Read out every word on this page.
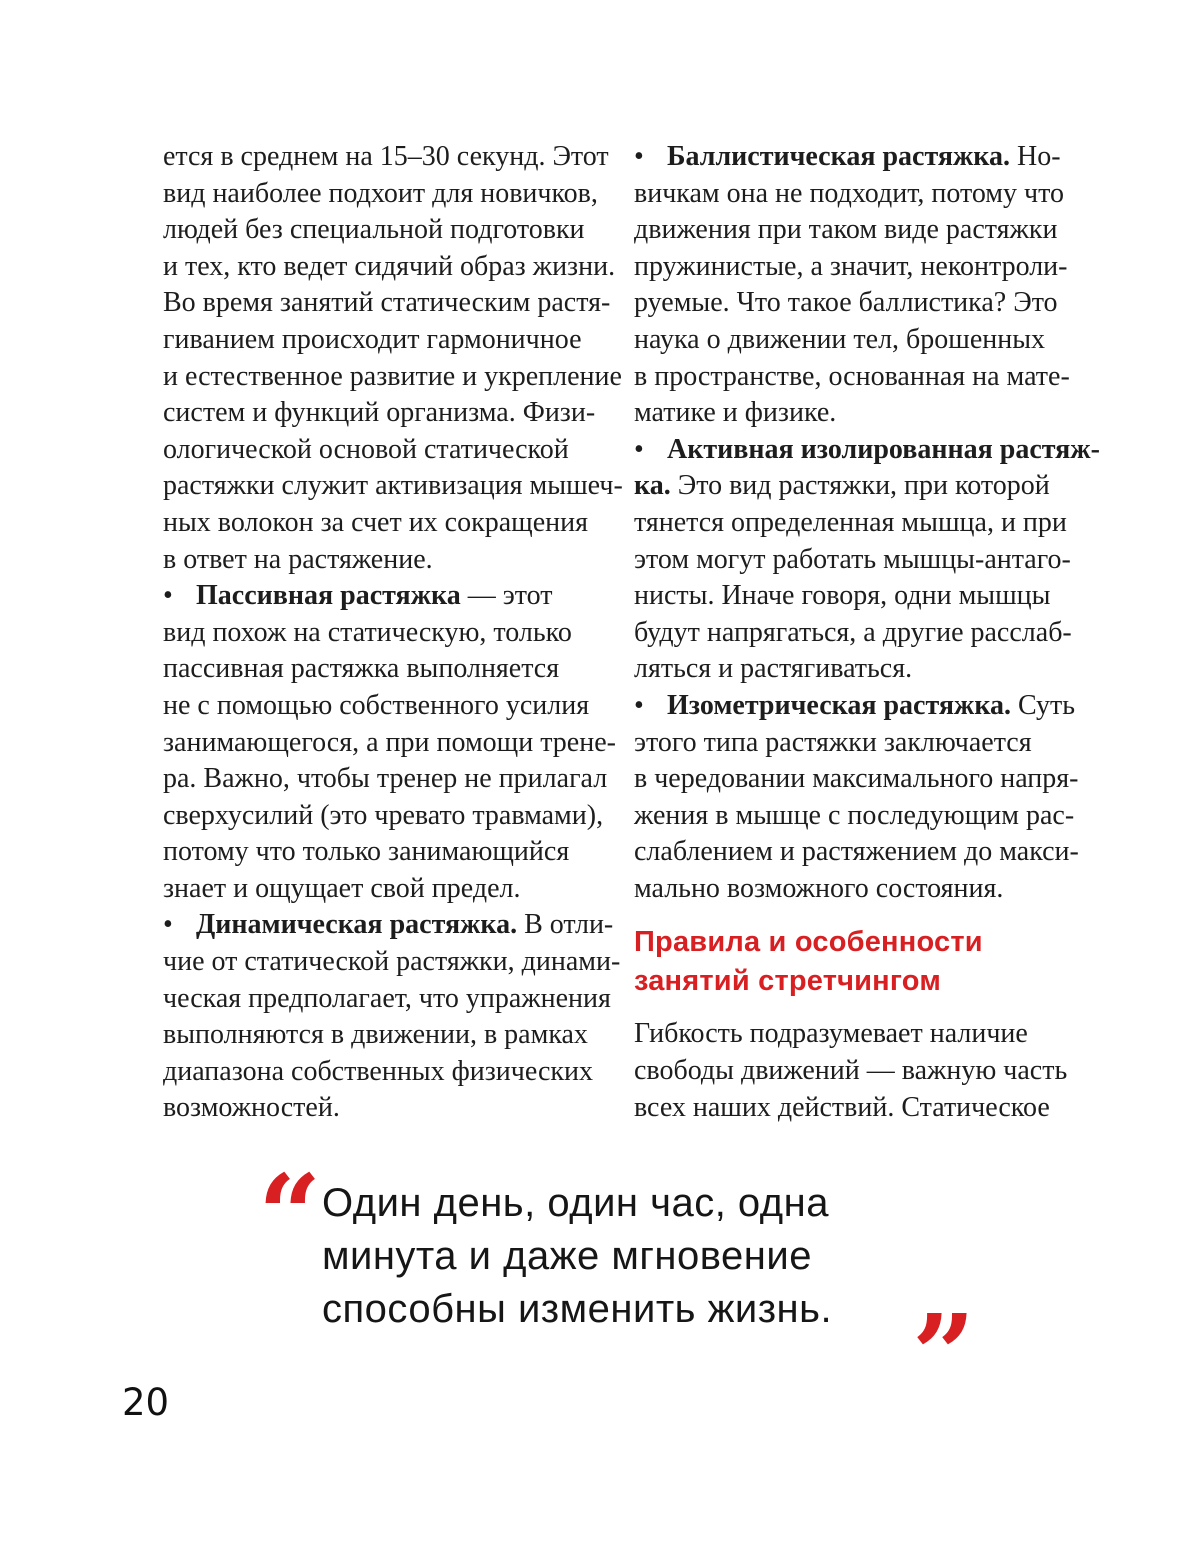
ется в среднем на 15–30 секунд. Этот
вид наиболее подхоит для новичков,
людей без специальной подготовки
и тех, кто ведет сидячий образ жизни.
Во время занятий статическим растя-
гиванием происходит гармоничное
и естественное развитие и укрепление
систем и функций организма. Физи-
ологической основой статической
растяжки служит активизация мышеч-
ных волокон за счет их сокращения
в ответ на растяжение.
• Пассивная растяжка — этот
вид похож на статическую, только
пассивная растяжка выполняется
не с помощью собственного усилия
занимающегося, а при помощи трене-
ра. Важно, чтобы тренер не прилагал
сверхусилий (это чревато травмами),
потому что только занимающийся
знает и ощущает свой предел.
• Динамическая растяжка. В отли-
чие от статической растяжки, динами-
ческая предполагает, что упражнения
выполняются в движении, в рамках
диапазона собственных физических
возможностей.
• Баллистическая растяжка. Но-
вичкам она не подходит, потому что
движения при таком виде растяжки
пружинистые, а значит, неконтроли-
руемые. Что такое баллистика? Это
наука о движении тел, брошенных
в пространстве, основанная на мате-
матике и физике.
• Активная изолированная растяж-
ка. Это вид растяжки, при которой
тянется определенная мышца, и при
этом могут работать мышцы-антаго-
нисты. Иначе говоря, одни мышцы
будут напрягаться, а другие расслаб-
ляться и растягиваться.
• Изометрическая растяжка. Суть
этого типа растяжки заключается
в чередовании максимального напря-
жения в мышце с последующим рас-
слаблением и растяжением до макси-
мально возможного состояния.
Правила и особенности
занятий стретчингом
Гибкость подразумевает наличие
свободы движений — важную часть
всех наших действий. Статическое
“ Один день, один час, одна
минута и даже мгновение
способны изменить жизнь. ”
20
